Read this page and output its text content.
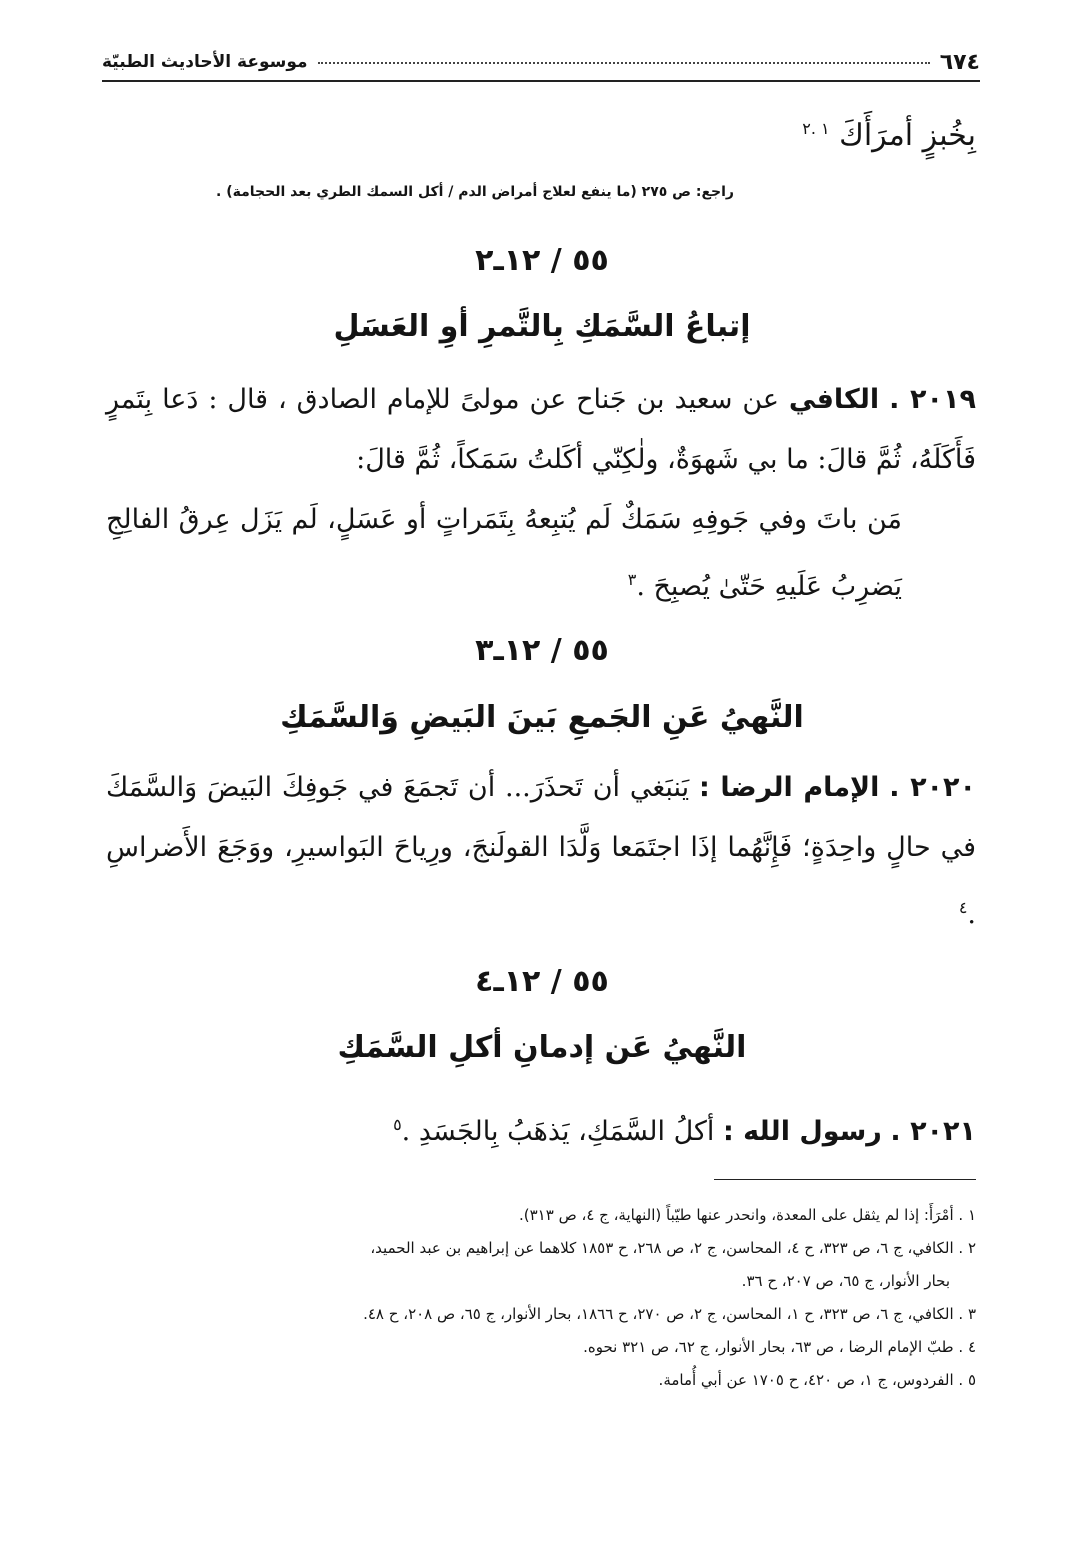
٦٧٤
موسوعة الأحاديث الطبيّة
بِخُبزٍ أمرَأَكَ $^{١ .٢}$
راجع: ص ٢٧٥ (ما ينفع لعلاج أمراض الدم / أكل السمك الطري بعد الحجامة) .
٥٥ / ١٢ـ٢
إتباعُ السَّمَكِ بِالتَّمرِ أوِ العَسَلِ
٢٠١٩ . الكافي عن سعيد بن جَناح عن مولىً للإمام الصادق ، قال : دَعا بِتَمرٍ فَأَكَلَهُ، ثُمَّ قالَ: ما بي شَهوَةٌ، ولٰكِنّي أكَلتُ سَمَكاً، ثُمَّ قالَ:
مَن باتَ وفي جَوفِهِ سَمَكٌ لَم يُتبِعهُ بِتَمَراتٍ أو عَسَلٍ، لَم يَزَل عِرقُ الفالِجِ يَضرِبُ عَلَيهِ حَتّىٰ يُصبِحَ .$^٣$
٥٥ / ١٢ـ٣
النَّهيُ عَنِ الجَمعِ بَينَ البَيضِ وَالسَّمَكِ
٢٠٢٠ . الإمام الرضا : يَنبَغي أن تَحذَرَ... أن تَجمَعَ في جَوفِكَ البَيضَ وَالسَّمَكَ في حالٍ واحِدَةٍ؛ فَإِنَّهُما إذَا اجتَمَعا وَلَّدَا القولَنجَ، ورِياحَ البَواسيرِ، ووَجَعَ الأَضراسِ .$^٤$
٥٥ / ١٢ـ٤
النَّهيُ عَن إدمانِ أكلِ السَّمَكِ
٢٠٢١ . رسول الله : أكلُ السَّمَكِ، يَذهَبُ بِالجَسَدِ .$^٥$

١ . أمْرَأَ: إذا لم يثقل على المعدة، وانحدر عنها طيّباً (النهاية، ج ٤، ص ٣١٣).

٢ . الكافي، ج ٦، ص ٣٢٣، ح ٤، المحاسن، ج ٢، ص ٢٦٨، ح ١٨٥٣ كلاهما عن إبراهيم بن عبد الحميد،

بحار الأنوار، ج ٦٥، ص ٢٠٧، ح ٣٦.

٣ . الكافي، ج ٦، ص ٣٢٣، ح ١، المحاسن، ج ٢، ص ٢٧٠، ح ١٨٦٦، بحار الأنوار، ج ٦٥، ص ٢٠٨، ح ٤٨.

٤ . طبّ الإمام الرضا ، ص ٦٣، بحار الأنوار، ج ٦٢، ص ٣٢١ نحوه.

٥ . الفردوس، ج ١، ص ٤٢٠، ح ١٧٠٥ عن أبي أُمامة.
